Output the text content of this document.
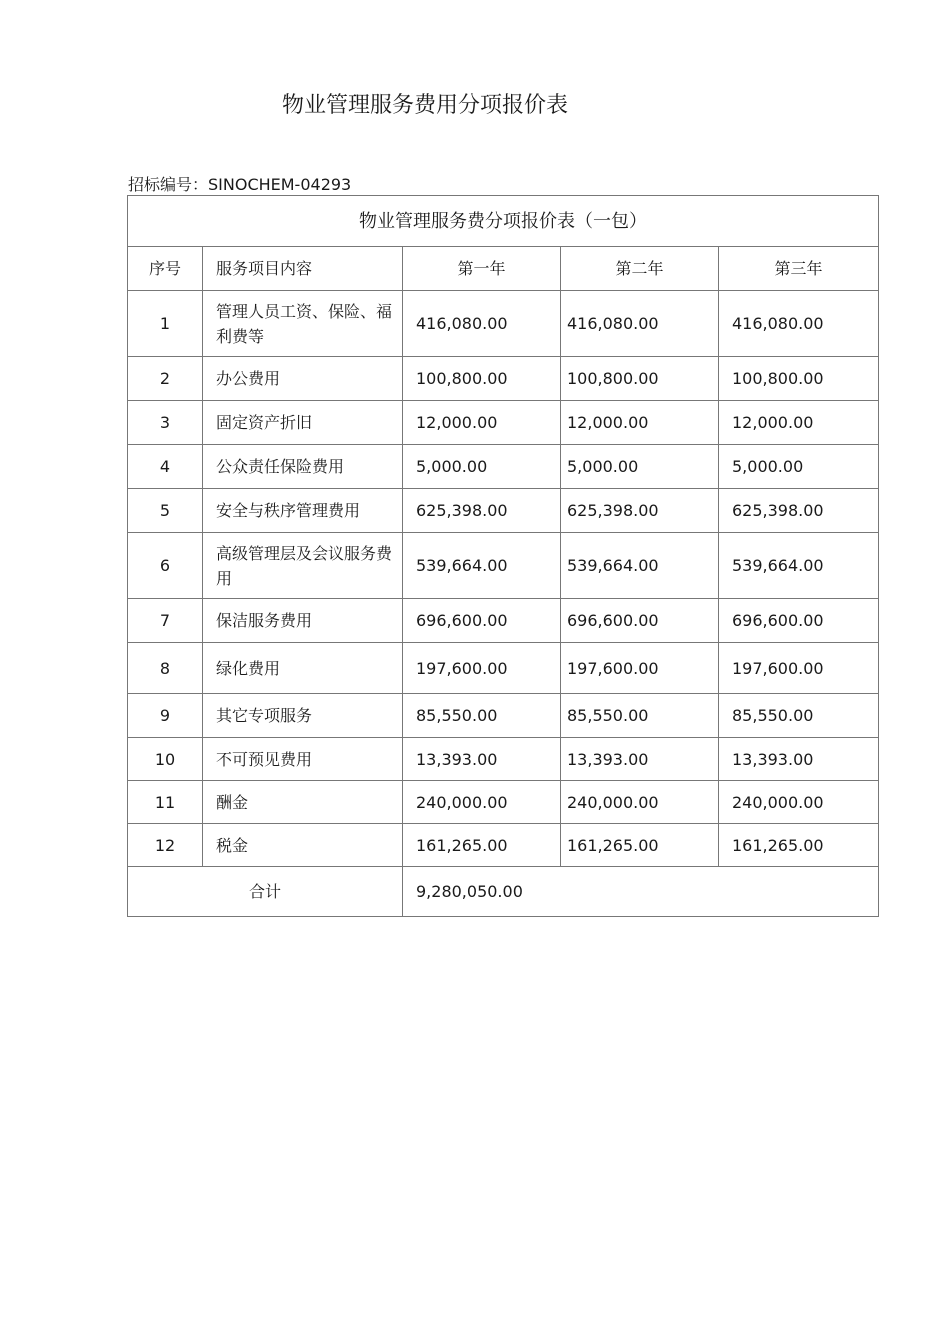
物业管理服务费用分项报价表
招标编号：SINOCHEM-04293
物业管理服务费分项报价表（一包）				
序号	服务项目内容	第一年	第二年	第三年
1	管理人员工资、保险、福利费等	416,080.00	416,080.00	416,080.00
2	办公费用	100,800.00	100,800.00	100,800.00
3	固定资产折旧	12,000.00	12,000.00	12,000.00
4	公众责任保险费用	5,000.00	5,000.00	5,000.00
5	安全与秩序管理费用	625,398.00	625,398.00	625,398.00
6	高级管理层及会议服务费用	539,664.00	539,664.00	539,664.00
7	保洁服务费用	696,600.00	696,600.00	696,600.00
8	绿化费用	197,600.00	197,600.00	197,600.00
9	其它专项服务	85,550.00	85,550.00	85,550.00
10	不可预见费用	13,393.00	13,393.00	13,393.00
11	酬金	240,000.00	240,000.00	240,000.00
12	税金	161,265.00	161,265.00	161,265.00
合计		9,280,050.00		
